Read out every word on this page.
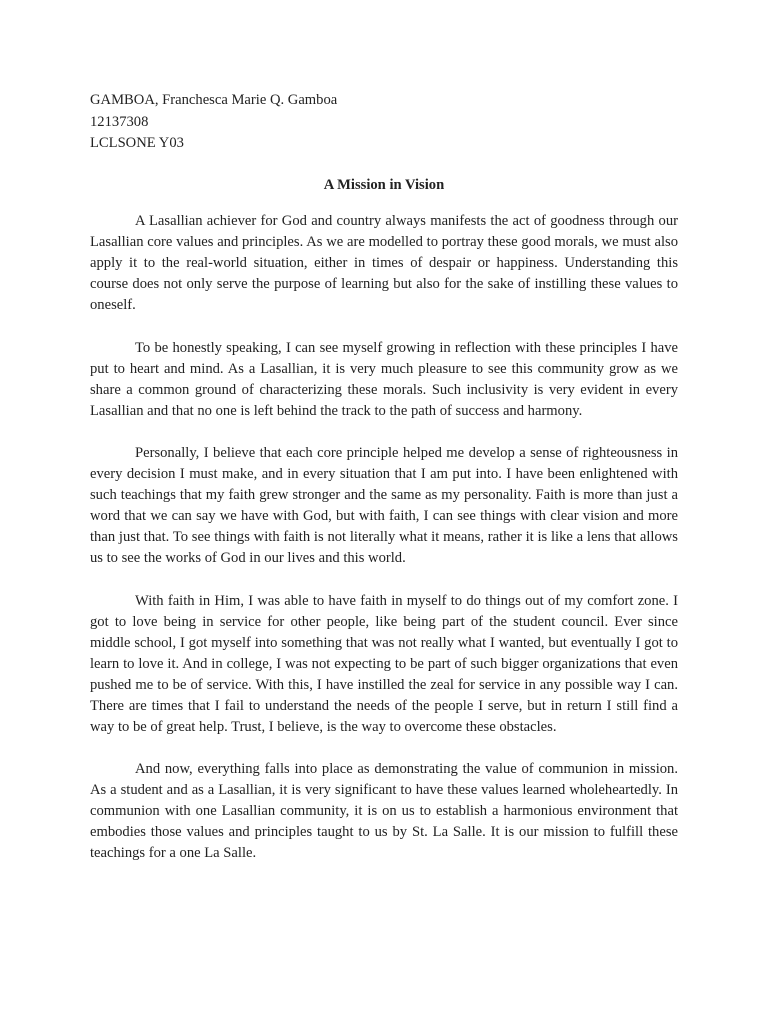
GAMBOA, Franchesca Marie Q. Gamboa
12137308
LCLSONE Y03
A Mission in Vision

A Lasallian achiever for God and country always manifests the act of goodness through our Lasallian core values and principles. As we are modelled to portray these good morals, we must also apply it to the real-world situation, either in times of despair or happiness. Understanding this course does not only serve the purpose of learning but also for the sake of instilling these values to oneself.

To be honestly speaking, I can see myself growing in reflection with these principles I have put to heart and mind. As a Lasallian, it is very much pleasure to see this community grow as we share a common ground of characterizing these morals. Such inclusivity is very evident in every Lasallian and that no one is left behind the track to the path of success and harmony.

Personally, I believe that each core principle helped me develop a sense of righteousness in every decision I must make, and in every situation that I am put into. I have been enlightened with such teachings that my faith grew stronger and the same as my personality. Faith is more than just a word that we can say we have with God, but with faith, I can see things with clear vision and more than just that. To see things with faith is not literally what it means, rather it is like a lens that allows us to see the works of God in our lives and this world.

With faith in Him, I was able to have faith in myself to do things out of my comfort zone. I got to love being in service for other people, like being part of the student council. Ever since middle school, I got myself into something that was not really what I wanted, but eventually I got to learn to love it. And in college, I was not expecting to be part of such bigger organizations that even pushed me to be of service. With this, I have instilled the zeal for service in any possible way I can. There are times that I fail to understand the needs of the people I serve, but in return I still find a way to be of great help. Trust, I believe, is the way to overcome these obstacles.

And now, everything falls into place as demonstrating the value of communion in mission. As a student and as a Lasallian, it is very significant to have these values learned wholeheartedly. In communion with one Lasallian community, it is on us to establish a harmonious environment that embodies those values and principles taught to us by St. La Salle. It is our mission to fulfill these teachings for a one La Salle.
